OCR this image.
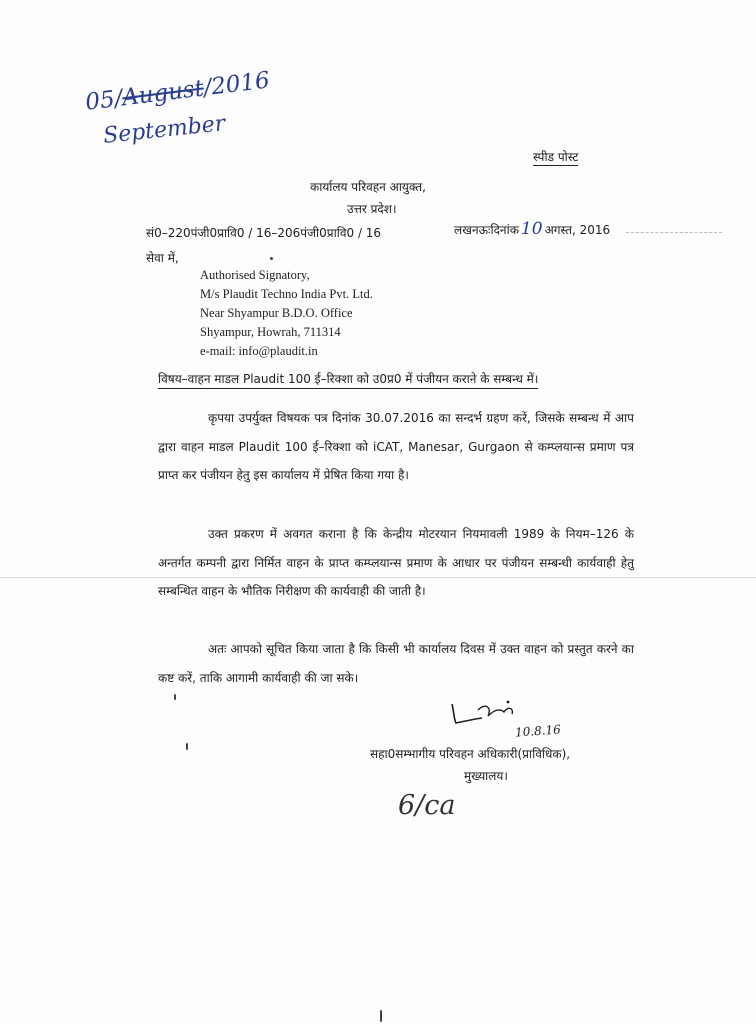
05/August/2016
September
स्पीड पोस्ट
कार्यालय परिवहन आयुक्त,
उत्तर प्रदेश।
सं0–220पंजी0प्रावि0 / 16–206पंजी0प्रावि0 / 16	लखनऊःदिनांक 10 अगस्त, 2016
सेवा में,
Authorised Signatory,
M/s Plaudit Techno India Pvt. Ltd.
Near Shyampur B.D.O. Office
Shyampur, Howrah, 711314
e-mail: info@plaudit.in
विषय–वाहन माडल Plaudit 100 ई–रिक्शा को उ0प्र0 में पंजीयन कराने के सम्बन्ध में।
कृपया उपर्युक्त विषयक पत्र दिनांक 30.07.2016 का सन्दर्भ ग्रहण करें, जिसके सम्बन्ध में आप द्वारा वाहन माडल Plaudit 100 ई–रिक्शा को iCAT, Manesar, Gurgaon से कम्प्लयान्स प्रमाण पत्र प्राप्त कर पंजीयन हेतु इस कार्यालय में प्रेषित किया गया है।
उक्त प्रकरण में अवगत कराना है कि केन्द्रीय मोटरयान नियमावली 1989 के नियम–126 के अन्तर्गत कम्पनी द्वारा निर्मित वाहन के प्राप्त कम्प्लयान्स प्रमाण के आधार पर पंजीयन सम्बन्धी कार्यवाही हेतु सम्बन्धित वाहन के भौतिक निरीक्षण की कार्यवाही की जाती है।
अतः आपको सूचित किया जाता है कि किसी भी कार्यालय दिवस में उक्त वाहन को प्रस्तुत करने का कष्ट करें, ताकि आगामी कार्यवाही की जा सके।
10.8.16
सहा0सम्भागीय परिवहन अधिकारी(प्राविधिक),
मुख्यालय।
6/ca
